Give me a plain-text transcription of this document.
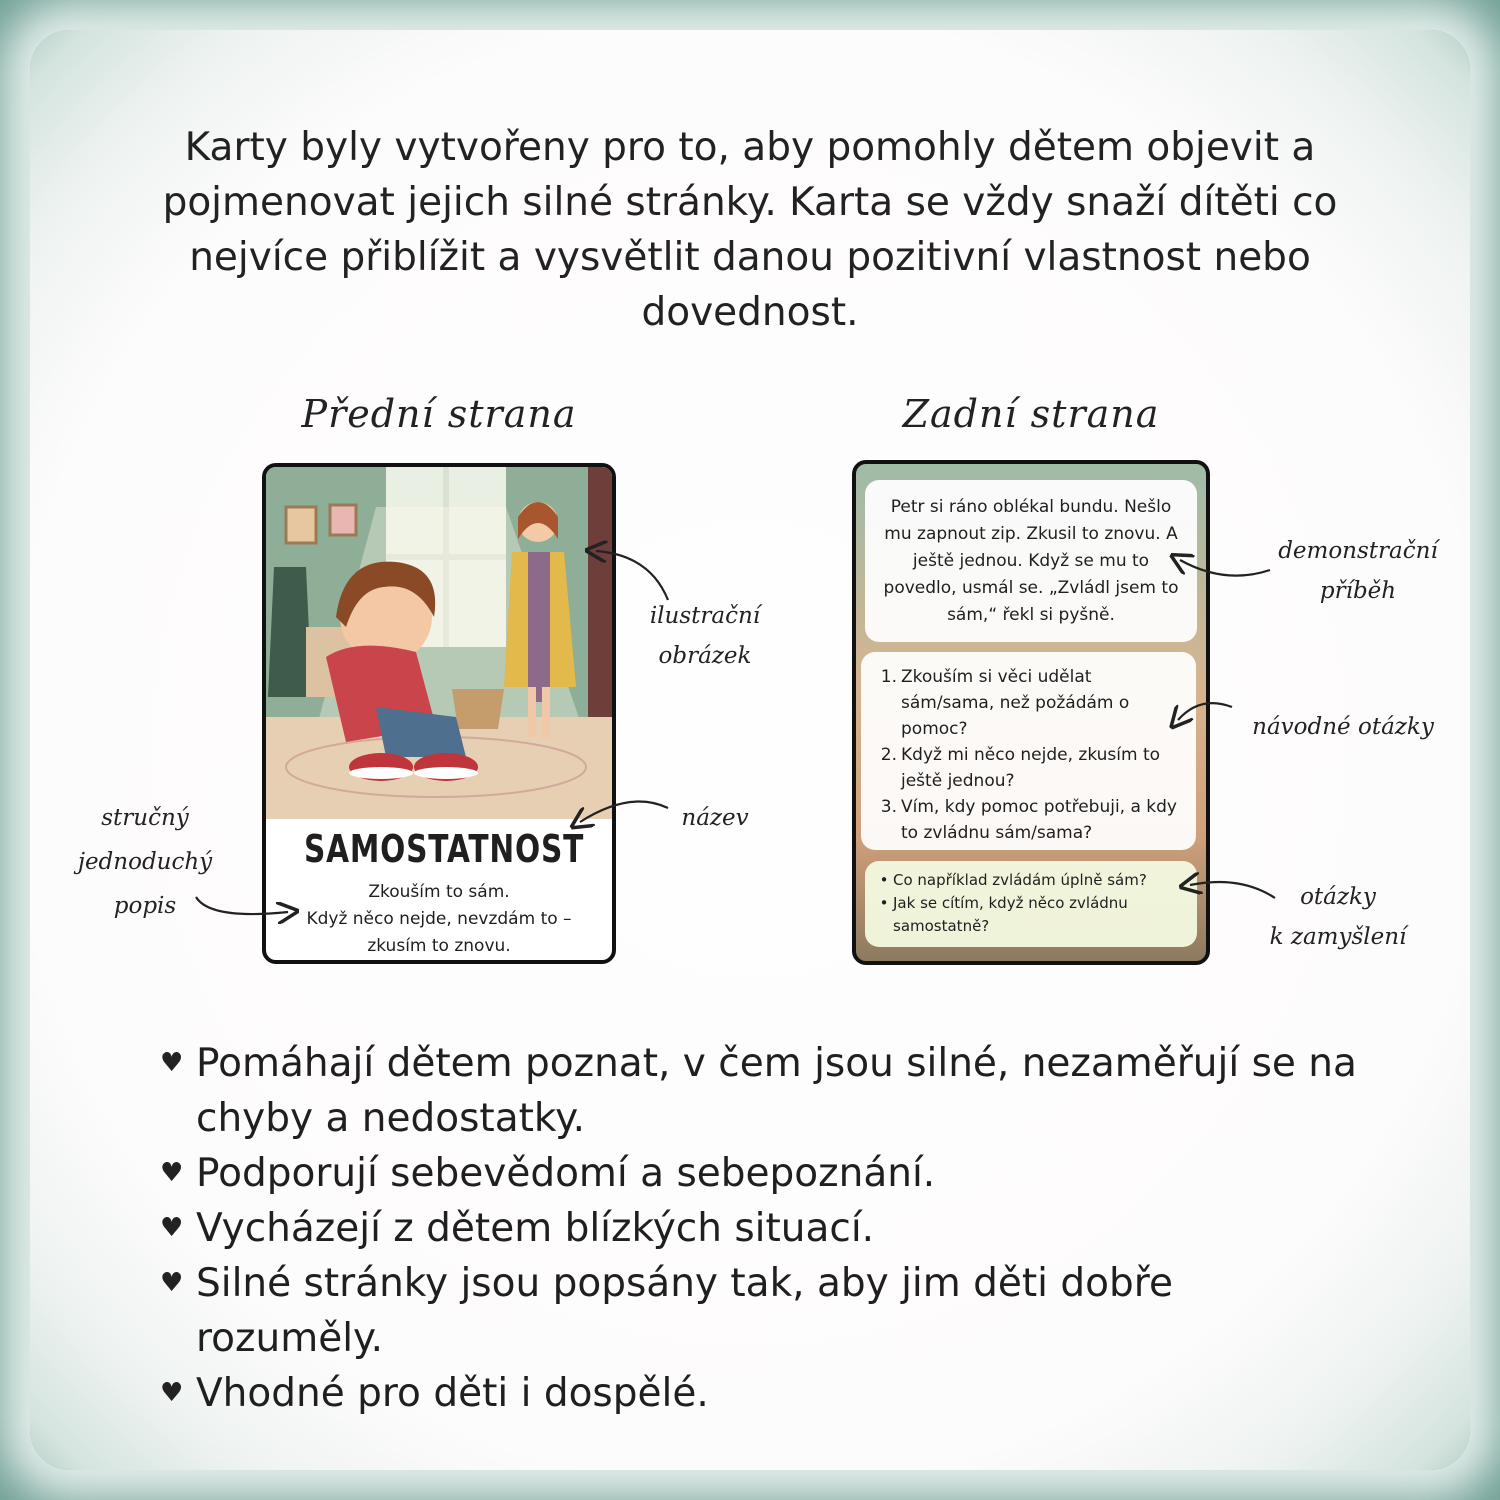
Karty byly vytvořeny pro to, aby pomohly dětem objevit a pojmenovat jejich silné stránky. Karta se vždy snaží dítěti co nejvíce přiblížit a vysvětlit danou pozitivní vlastnost nebo dovednost.

Přední strana	Zadní strana
SAMOSTATNOST

Zkouším to sám.
Když něco nejde, nevzdám to –
zkusím to znovu.

Petr si ráno oblékal bundu. Nešlo mu zapnout zip. Zkusil to znovu. A ještě jednou. Když se mu to povedlo, usmál se. „Zvládl jsem to sám,“ řekl si pyšně.

1. Zkouším si věci udělat sám/sama, než požádám o pomoc?
2. Když mi něco nejde, zkusím to ještě jednou?
3. Vím, kdy pomoc potřebuji, a kdy to zvládnu sám/sama?
• Co například zvládám úplně sám?
• Jak se cítím, když něco zvládnu samostatně?
ilustrační
obrázek
název
stručný
jednoduchý
popis
demonstrační
příběh
návodné otázky
otázky
k zamyšlení
♥ Pomáhají dětem poznat, v čem jsou silné, nezaměřují se na chyby a nedostatky.
♥ Podporují sebevědomí a sebepoznání.
♥ Vycházejí z dětem blízkých situací.
♥ Silné stránky jsou popsány tak, aby jim děti dobře rozuměly.
♥ Vhodné pro děti i dospělé.
